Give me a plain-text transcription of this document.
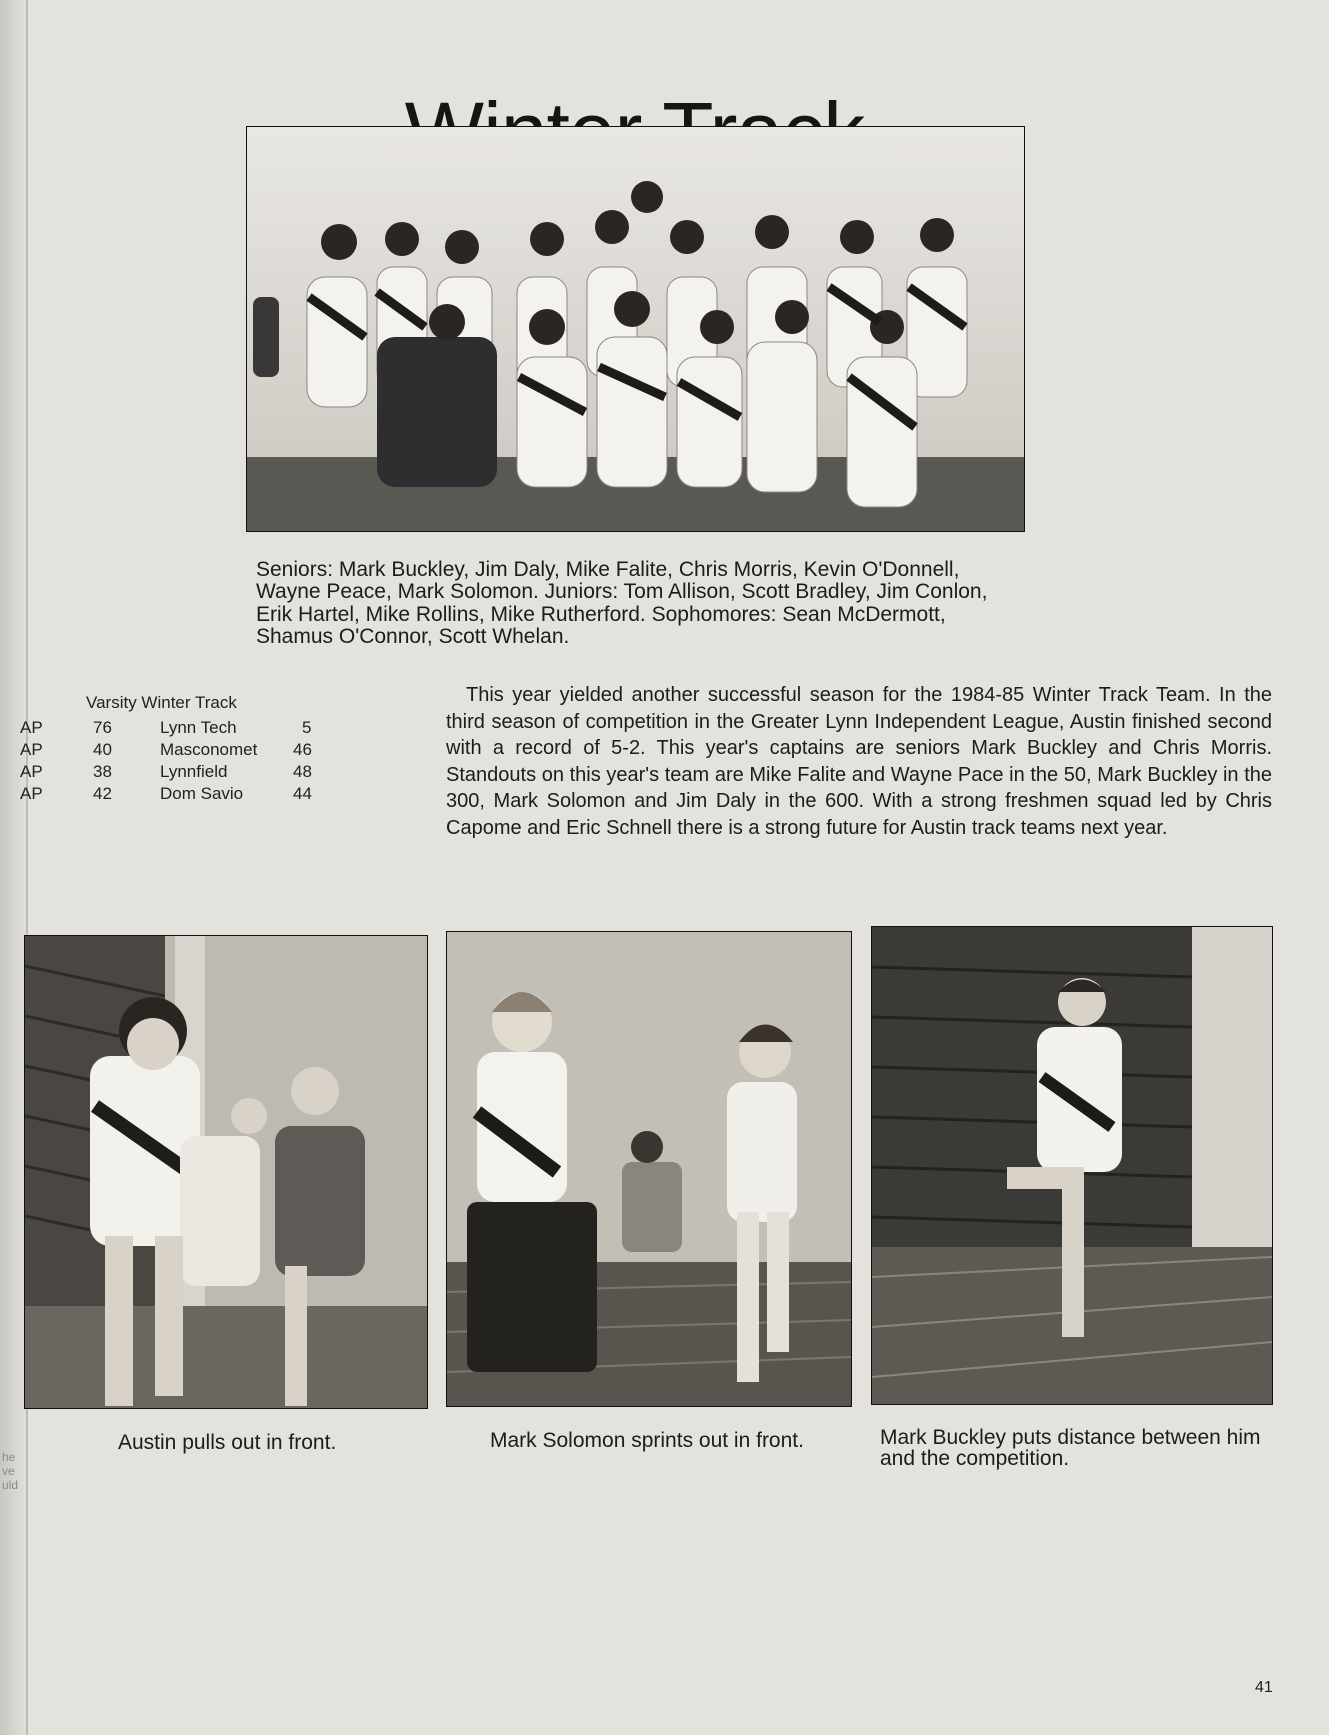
he
ve
uld
Seniors: Mark Buckley, Jim Daly, Mike Falite, Chris Morris, Kevin O'Donnell, Wayne Peace, Mark Solomon. Juniors: Tom Allison, Scott Bradley, Jim Conlon, Erik Hartel, Mike Rollins, Mike Rutherford. Sophomores: Sean McDermott, Shamus O'Connor, Scott Whelan.
Varsity Winter Track
AP	76	Lynn Tech	5
AP	40	Masconomet 46
AP	38	Lynnfield	48
AP	42	Dom Savio	44

This year yielded another successful season for the 1984-85 Winter Track Team. In the third season of competition in the Greater Lynn Independent League, Austin finished second with a record of 5-2. This year's captains are seniors Mark Buckley and Chris Morris. Standouts on this year's team are Mike Falite and Wayne Pace in the 50, Mark Buckley in the 300, Mark Solomon and Jim Daly in the 600. With a strong freshmen squad led by Chris Capome and Eric Schnell there is a strong future for Austin track teams next year.

Austin pulls out in front.	Mark Solomon sprints out in front.	Mark Buckley puts distance between him and the competition.
41
